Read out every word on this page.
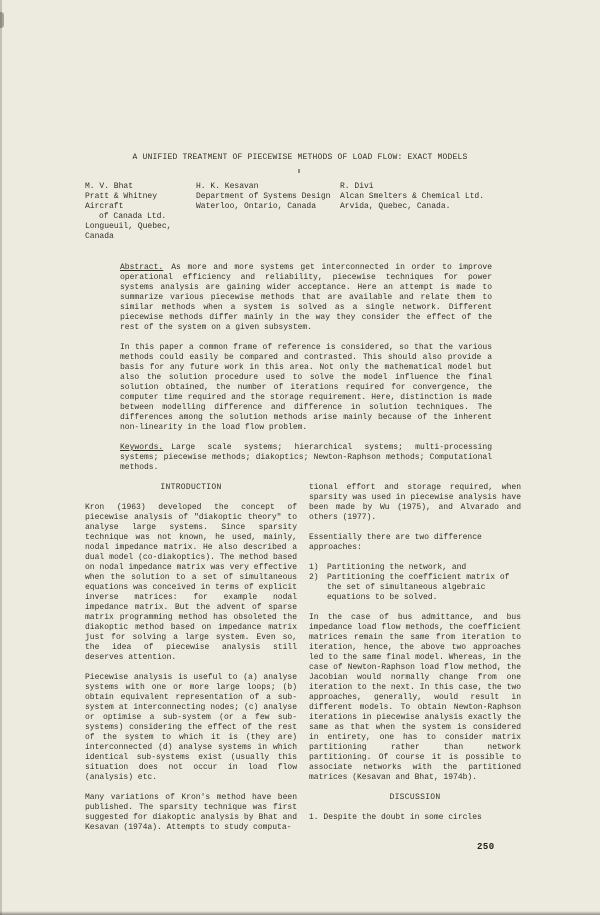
A UNIFIED TREATMENT OF PIECEWISE METHODS OF LOAD FLOW: EXACT MODELS
M. V. Bhat
Pratt & Whitney Aircraft
of Canada Ltd.
Longueuil, Quebec, Canada
H. K. Kesavan
Department of Systems Design
Waterloo, Ontario, Canada
R. Divi
Alcan Smelters & Chemical Ltd.
Arvida, Quebec, Canada.

Abstract. As more and more systems get interconnected in order to improve operational efficiency and reliability, piecewise techniques for power systems analysis are gaining wider acceptance. Here an attempt is made to summarize various piecewise methods that are available and relate them to similar methods when a system is solved as a single network. Different piecewise methods differ mainly in the way they consider the effect of the rest of the system on a given subsystem.

In this paper a common frame of reference is considered, so that the various methods could easily be compared and contrasted. This should also provide a basis for any future work in this area. Not only the mathematical model but also the solution procedure used to solve the model influence the final solution obtained, the number of iterations required for convergence, the computer time required and the storage requirement. Here, distinction is made between modelling difference and difference in solution techniques. The differences among the solution methods arise mainly because of the inherent non-linearity in the load flow problem.

Keywords. Large scale systems; hierarchical systems; multi-processing systems; piecewise methods; diakoptics; Newton-Raphson methods; Computational methods.

INTRODUCTION

Kron (1963) developed the concept of piecewise analysis of "diakoptic theory" to analyse large systems. Since sparsity technique was not known, he used, mainly, nodal impedance matrix. He also described a dual model (co-diakoptics). The method based on nodal impedance matrix was very effective when the solution to a set of simultaneous equations was conceived in terms of explicit inverse matrices: for example nodal impedance matrix. But the advent of sparse matrix programming method has obsoleted the diakoptic method based on impedance matrix just for solving a large system. Even so, the idea of piecewise analysis still deserves attention.

Piecewise analysis is useful to (a) analyse systems with one or more large loops; (b) obtain equivalent representation of a sub-system at interconnecting nodes; (c) analyse or optimise a sub-system (or a few sub-systems) considering the effect of the rest of the system to which it is (they are) interconnected (d) analyse systems in which identical sub-systems exist (usually this situation does not occur in load flow (analysis) etc.

Many variations of Kron's method have been published. The sparsity technique was first suggested for diakoptic analysis by Bhat and Kesavan (1974a). Attempts to study computa-

tional effort and storage required, when sparsity was used in piecewise analysis have been made by Wu (1975), and Alvarado and others (1977).

Essentially there are two difference approaches:

1)	Partitioning the network, and
2)	Partitioning the coefficient matrix of the set of simultaneous algebraic equations to be solved.

In the case of bus admittance, and bus impedance load flow methods, the coefficient matrices remain the same from iteration to iteration, hence, the above two approaches led to the same final model. Whereas, in the case of Newton-Raphson load flow method, the Jacobian would normally change from one iteration to the next. In this case, the two approaches, generally, would result in different models. To obtain Newton-Raphson iterations in piecewise analysis exactly the same as that when the system is considered in entirety, one has to consider matrix partitioning rather than network partitioning. Of course it is possible to associate networks with the partitioned matrices (Kesavan and Bhat, 1974b).

DISCUSSION

1. Despite the doubt in some circles

250
